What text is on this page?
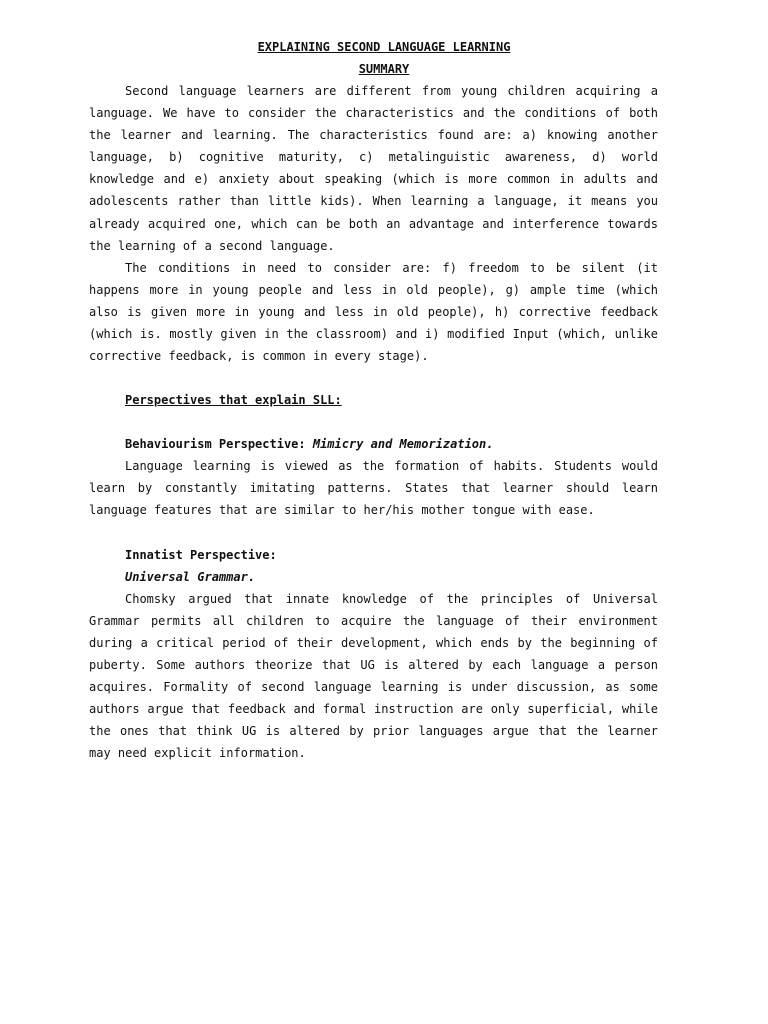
EXPLAINING SECOND LANGUAGE LEARNING

SUMMARY

Second language learners are different from young children acquiring a language. We have to consider the characteristics and the conditions of both the learner and learning. The characteristics found are: a) knowing another language, b) cognitive maturity, c) metalinguistic awareness, d) world knowledge and e) anxiety about speaking (which is more common in adults and adolescents rather than little kids). When learning a language, it means you already acquired one, which can be both an advantage and interference towards the learning of a second language.

The conditions in need to consider are: f) freedom to be silent (it happens more in young people and less in old people), g) ample time (which also is given more in young and less in old people), h) corrective feedback (which is. mostly given in the classroom) and i) modified Input (which, unlike corrective feedback, is common in every stage).

Perspectives that explain SLL:

Behaviourism Perspective: Mimicry and Memorization.

Language learning is viewed as the formation of habits. Students would learn by constantly imitating patterns. States that learner should learn language features that are similar to her/his mother tongue with ease.

Innatist Perspective:

Universal Grammar.

Chomsky argued that innate knowledge of the principles of Universal Grammar permits all children to acquire the language of their environment during a critical period of their development, which ends by the beginning of puberty. Some authors theorize that UG is altered by each language a person acquires. Formality of second language learning is under discussion, as some authors argue that feedback and formal instruction are only superficial, while the ones that think UG is altered by prior languages argue that the learner may need explicit information.
